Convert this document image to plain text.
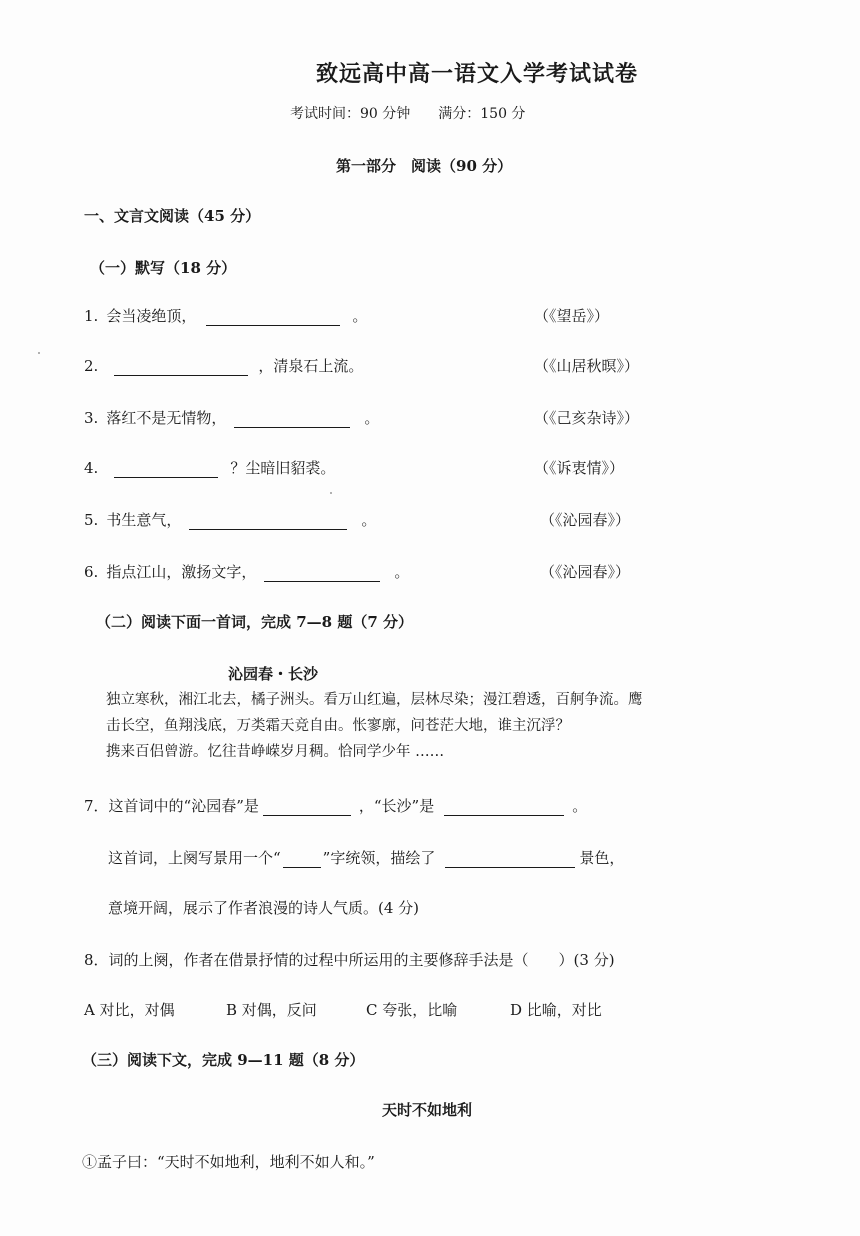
致远高中高一语文入学考试试卷
考试时间：90 分钟　　满分：150 分
第一部分　阅读（90 分）
一、文言文阅读（45 分）
（一）默写（18 分）
1. 会当凌绝顶，	。	（《望岳》）
2.	，清泉石上流。	（《山居秋暝》）
3. 落红不是无情物，	。	（《己亥杂诗》）
4.	？尘暗旧貂裘。	（《诉衷情》）
5. 书生意气，	。	（《沁园春》）
6. 指点江山，激扬文字，	。	（《沁园春》）
（二）阅读下面一首词，完成 7—8 题（7 分）
沁园春・长沙
独立寒秋，湘江北去，橘子洲头。看万山红遍，层林尽染；漫江碧透，百舸争流。鹰
击长空，鱼翔浅底，万类霜天竞自由。怅寥廓，问苍茫大地，谁主沉浮？
携来百侣曾游。忆往昔峥嵘岁月稠。恰同学少年 ……
7．这首词中的“沁园春”是	，“长沙”是	。
这首词，上阕写景用一个“	”字统领，描绘了	景色，
意境开阔，展示了作者浪漫的诗人气质。(4 分)
8．词的上阕，作者在借景抒情的过程中所运用的主要修辞手法是（　　）(3 分)
A 对比，对偶	B 对偶，反问	C 夸张，比喻	D 比喻，对比
（三）阅读下文，完成 9—11 题（8 分）
天时不如地利
①孟子曰：“天时不如地利，地利不如人和。”
